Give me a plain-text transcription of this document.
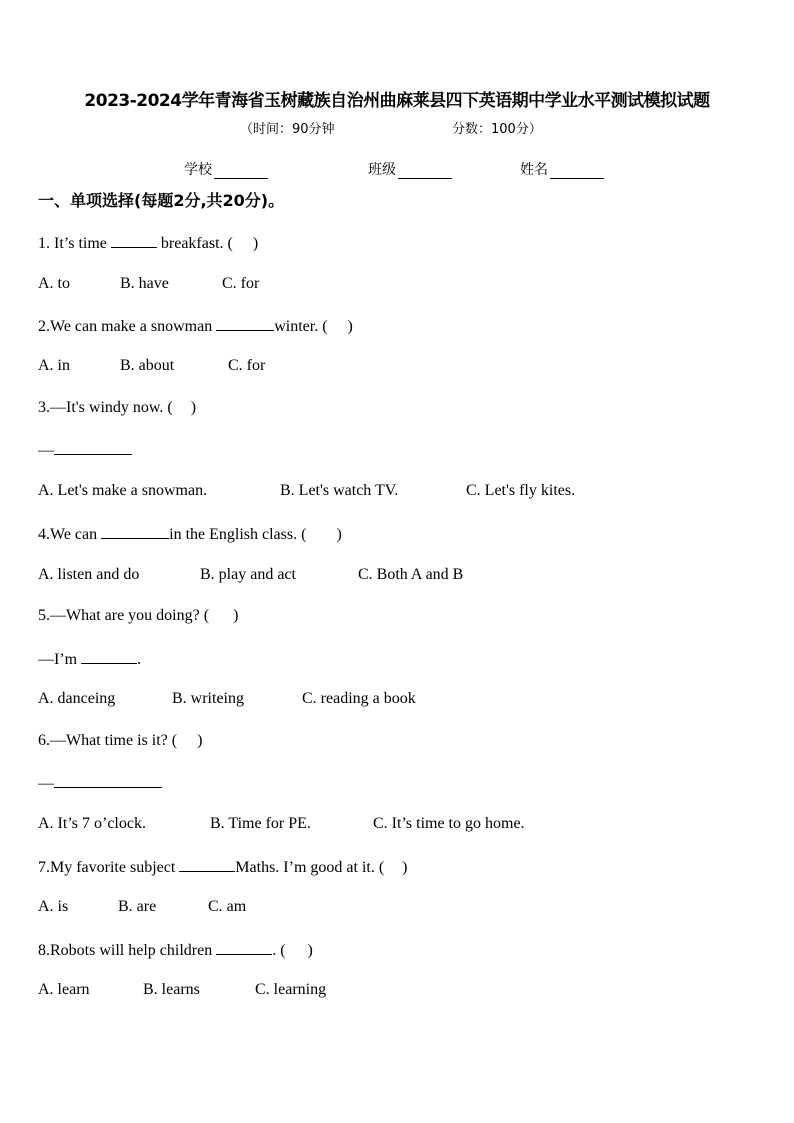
2023-2024学年青海省玉树藏族自治州曲麻莱县四下英语期中学业水平测试模拟试题
（时间：90分钟	分数：100分）
学校	班级	姓名
一、单项选择(每题2分,共20分)。
1. It’s time	breakfast. ( )
A. to	B. have	C. for
2.We can make a snowman	winter. ( )
A. in	B. about	C. for
3.—It's windy now. ( )
—
A. Let's make a snowman.	B. Let's watch TV.	C. Let's fly kites.
4.We can	in the English class. ( )
A. listen and do	B. play and act	C. Both A and B
5.—What are you doing? ( )
—I’m	.
A. danceing	B. writeing	C. reading a book
6.—What time is it? ( )
—
A. It’s 7 o’clock.	B. Time for PE.	C. It’s time to go home.
7.My favorite subject	Maths. I’m good at it. ( )
A. is	B. are	C. am
8.Robots will help children	. ( )
A. learn	B. learns	C. learning
